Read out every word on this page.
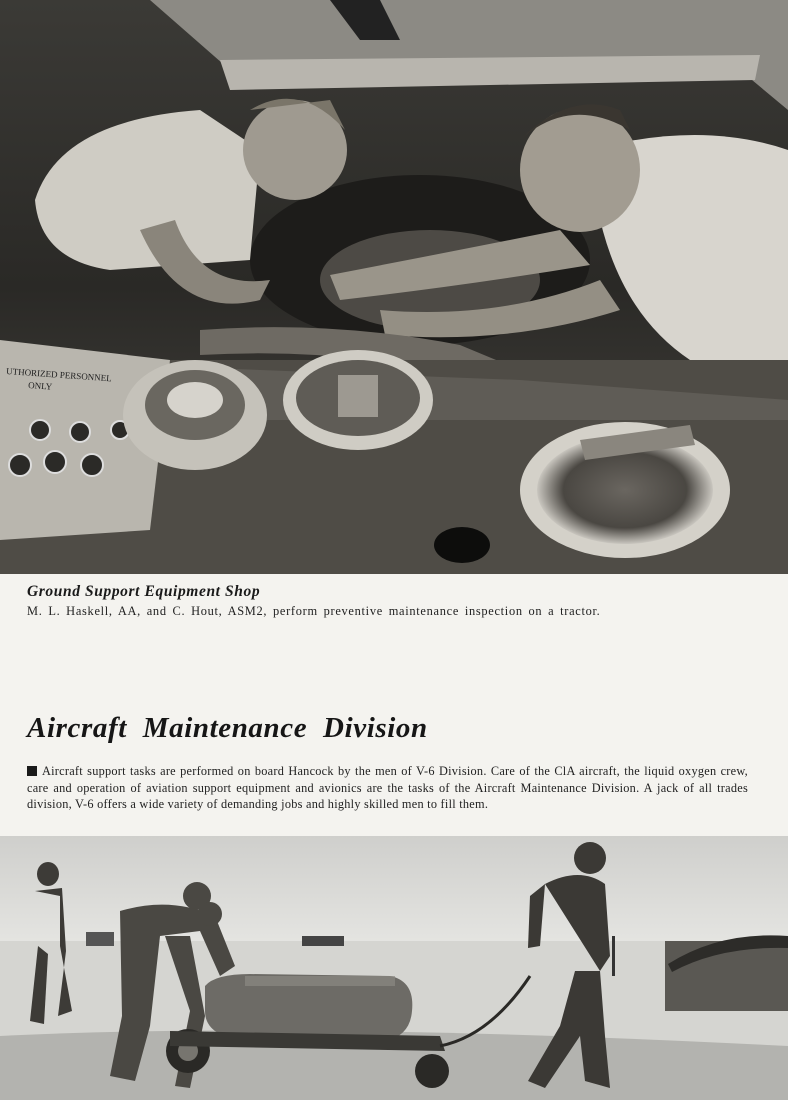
UTHORIZED PERSONNEL
ONLY
Ground Support Equipment Shop
M. L. Haskell, AA, and C. Hout, ASM2, perform preventive maintenance inspection on a tractor.
Aircraft Maintenance Division

Aircraft support tasks are performed on board Hancock by the men of V-6 Division. Care of the ClA aircraft, the liquid oxygen crew, care and operation of aviation support equipment and avionics are the tasks of the Aircraft Maintenance Division. A jack of all trades division, V-6 offers a wide variety of demanding jobs and highly skilled men to fill them.
